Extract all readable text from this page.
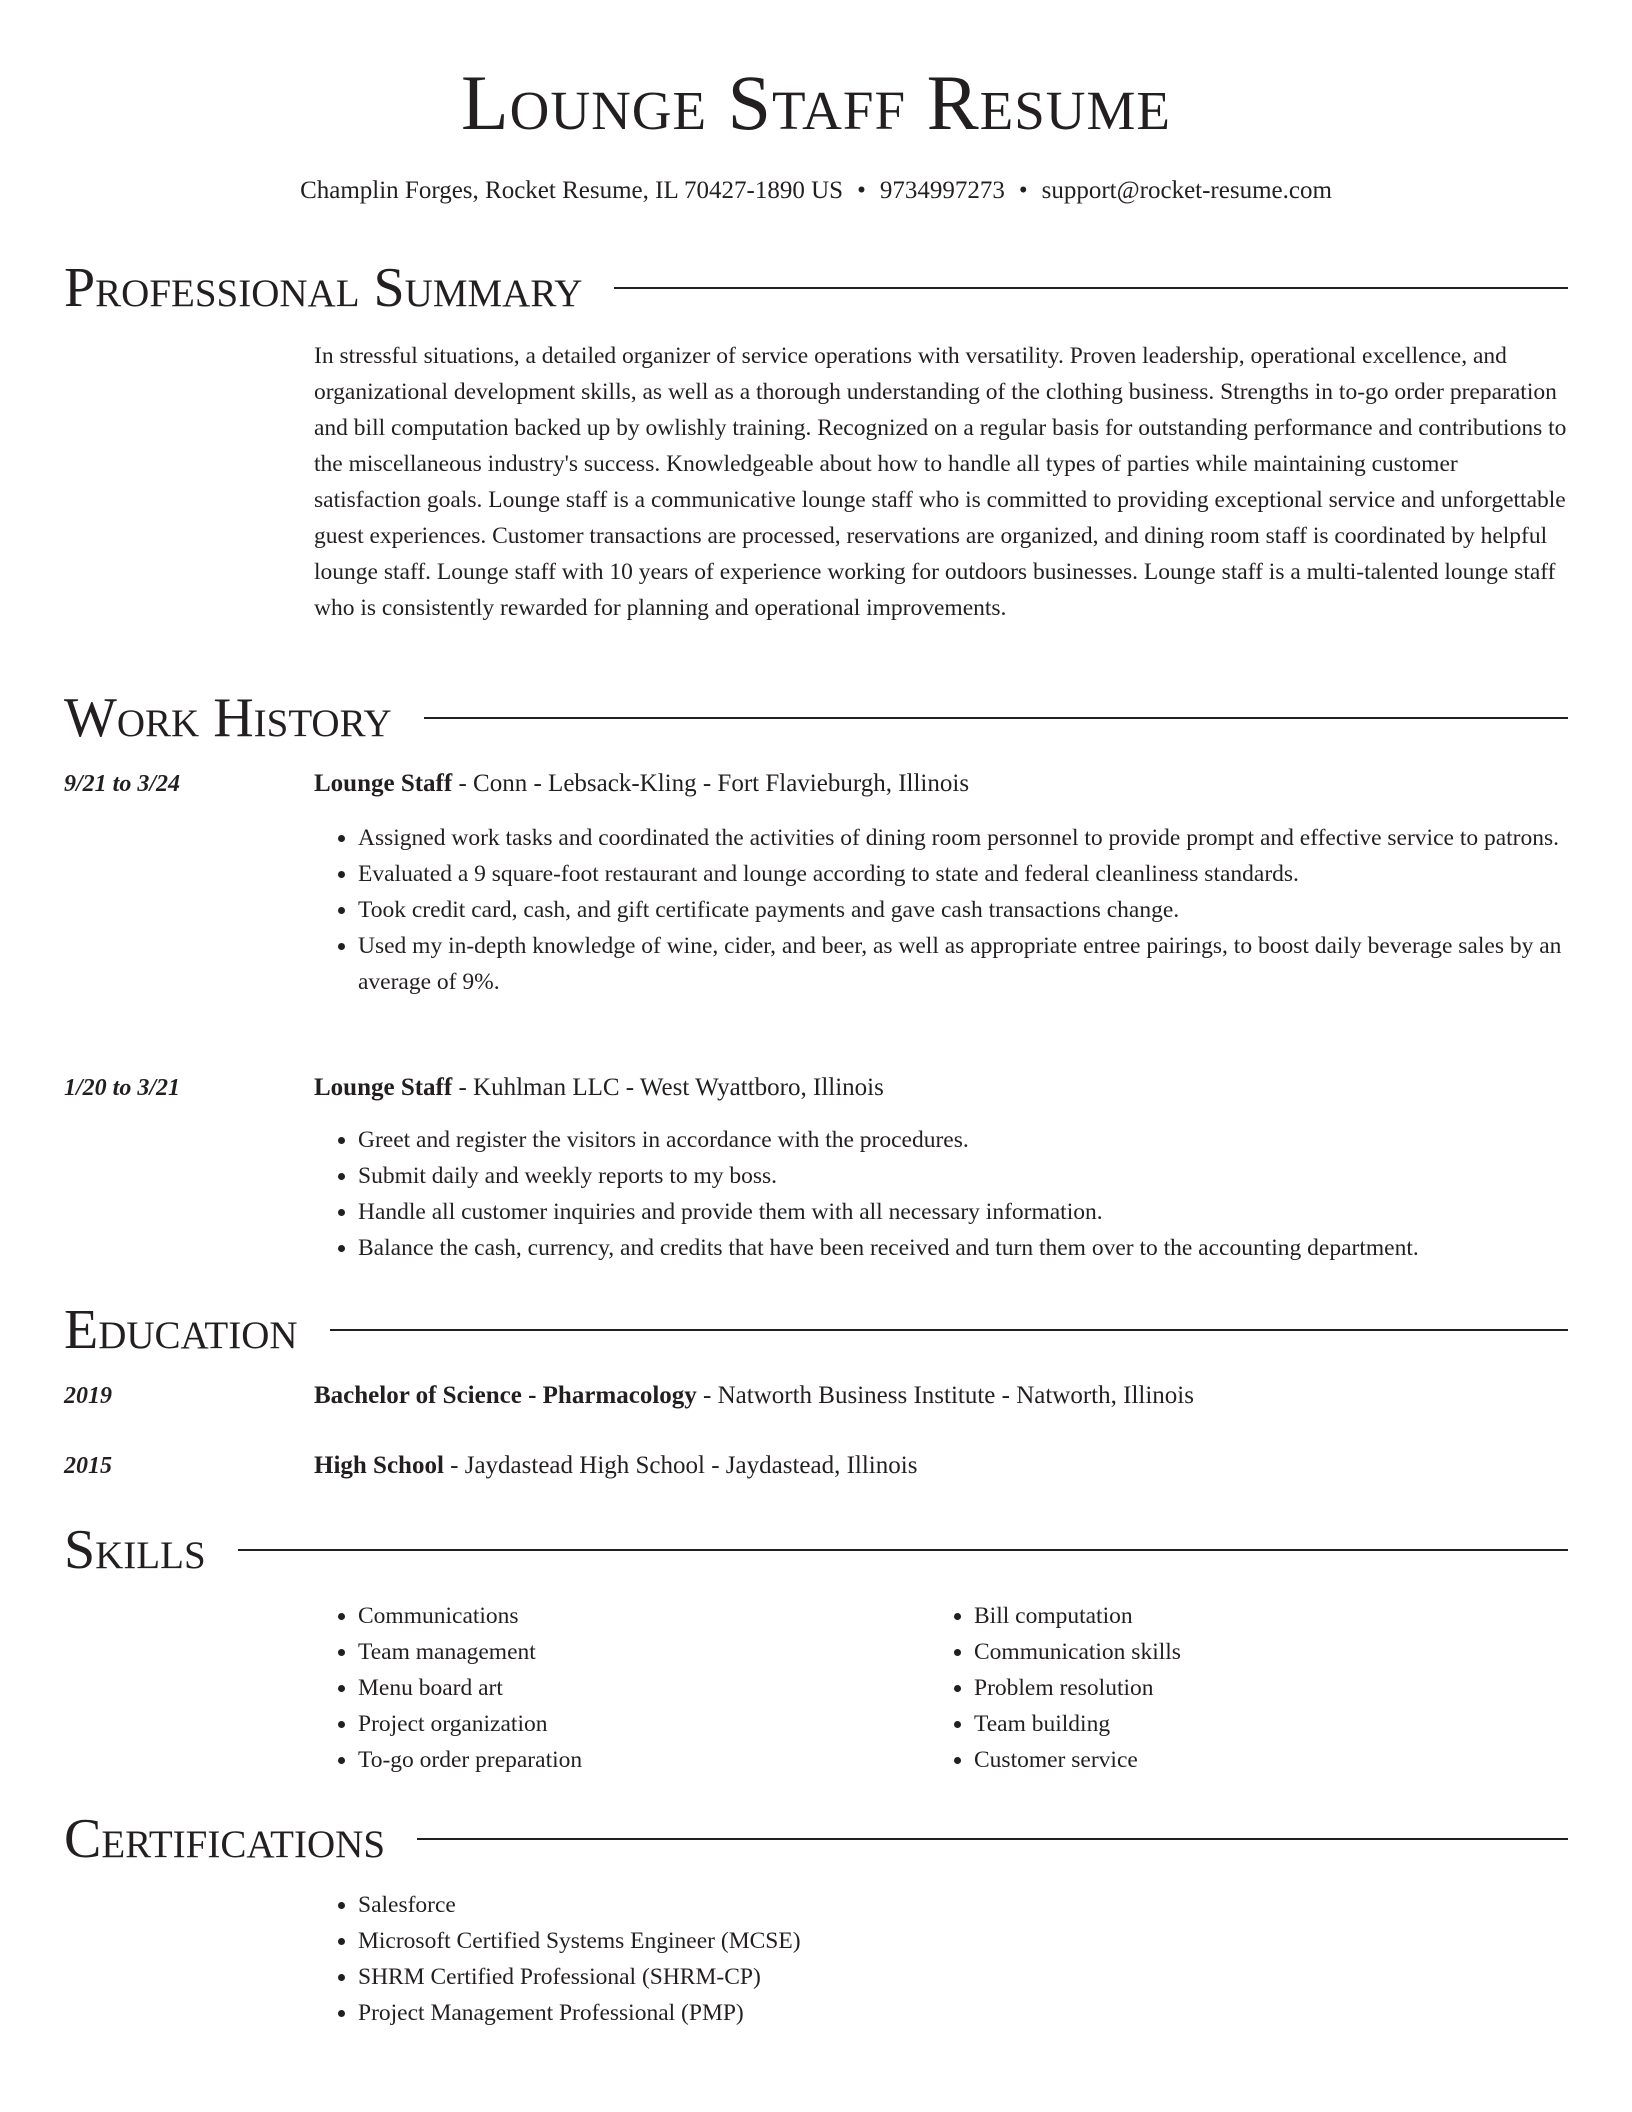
Lounge Staff Resume
Champlin Forges, Rocket Resume, IL 70427-1890 US • 9734997273 • support@rocket-resume.com
Professional Summary

In stressful situations, a detailed organizer of service operations with versatility. Proven leadership, operational excellence, and organizational development skills, as well as a thorough understanding of the clothing business. Strengths in to-go order preparation and bill computation backed up by owlishly training. Recognized on a regular basis for outstanding performance and contributions to the miscellaneous industry's success. Knowledgeable about how to handle all types of parties while maintaining customer satisfaction goals. Lounge staff is a communicative lounge staff who is committed to providing exceptional service and unforgettable guest experiences. Customer transactions are processed, reservations are organized, and dining room staff is coordinated by helpful lounge staff. Lounge staff with 10 years of experience working for outdoors businesses. Lounge staff is a multi-talented lounge staff who is consistently rewarded for planning and operational improvements.

Work History
9/21 to 3/24	Lounge Staff - Conn - Lebsack-Kling - Fort Flavieburgh, Illinois
• Assigned work tasks and coordinated the activities of dining room personnel to provide prompt and effective service to patrons.
• Evaluated a 9 square-foot restaurant and lounge according to state and federal cleanliness standards.
• Took credit card, cash, and gift certificate payments and gave cash transactions change.
• Used my in-depth knowledge of wine, cider, and beer, as well as appropriate entree pairings, to boost daily beverage sales by an average of 9%.
1/20 to 3/21	Lounge Staff - Kuhlman LLC - West Wyattboro, Illinois
• Greet and register the visitors in accordance with the procedures.
• Submit daily and weekly reports to my boss.
• Handle all customer inquiries and provide them with all necessary information.
• Balance the cash, currency, and credits that have been received and turn them over to the accounting department.
Education
2019	Bachelor of Science - Pharmacology - Natworth Business Institute - Natworth, Illinois
2015	High School - Jaydastead High School - Jaydastead, Illinois
Skills
• Communications
• Team management
• Menu board art
• Project organization
• To-go order preparation
• Bill computation
• Communication skills
• Problem resolution
• Team building
• Customer service
Certifications
• Salesforce
• Microsoft Certified Systems Engineer (MCSE)
• SHRM Certified Professional (SHRM-CP)
• Project Management Professional (PMP)
